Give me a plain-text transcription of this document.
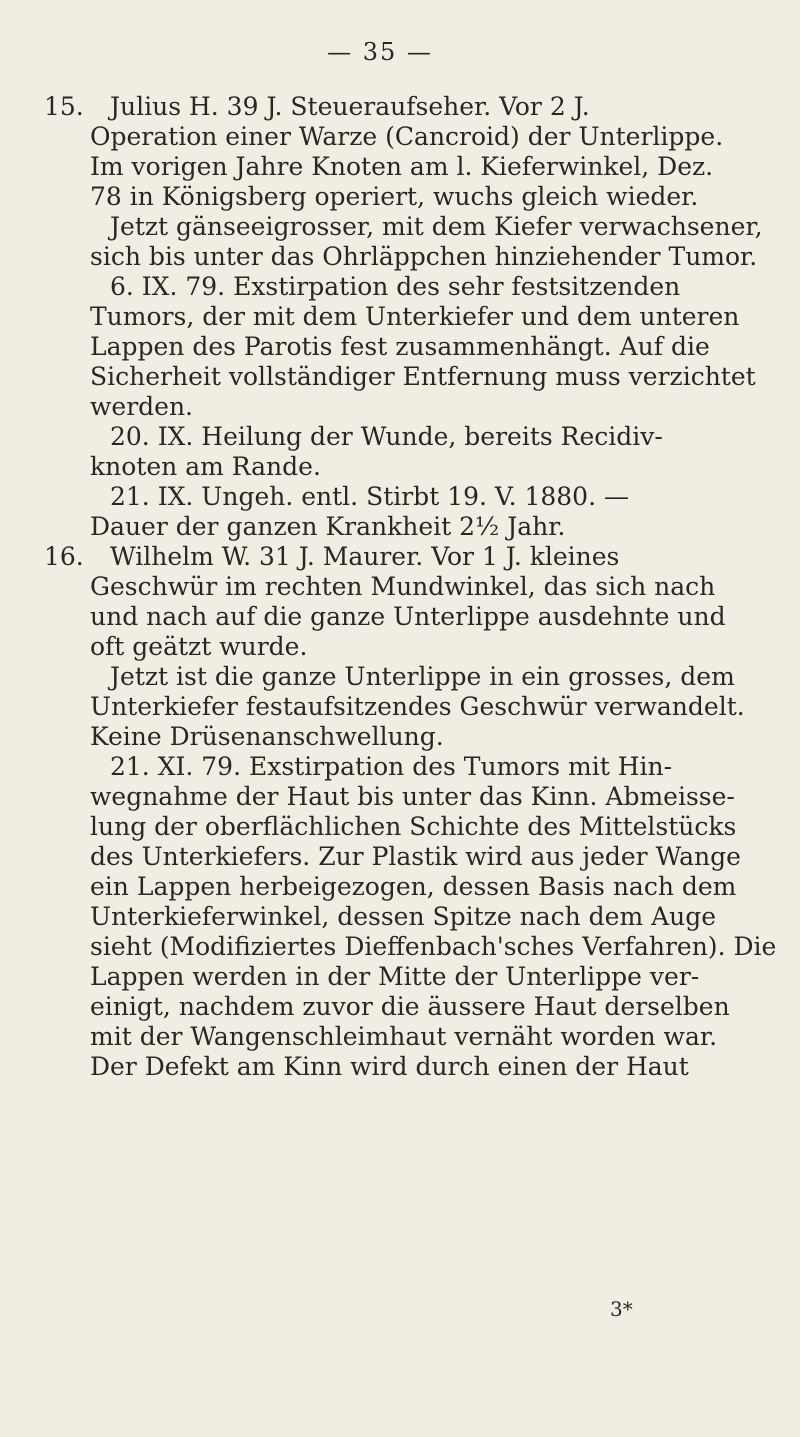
— 35 —
15. Julius H. 39 J. Steueraufseher. Vor 2 J.
Operation einer Warze (Cancroid) der Unterlippe.
Im vorigen Jahre Knoten am l. Kieferwinkel, Dez.
78 in Königsberg operiert, wuchs gleich wieder.
Jetzt gänseeigrosser, mit dem Kiefer verwachsener,
sich bis unter das Ohrläppchen hinziehender Tumor.
6. IX. 79. Exstirpation des sehr festsitzenden
Tumors, der mit dem Unterkiefer und dem unteren
Lappen des Parotis fest zusammenhängt. Auf die
Sicherheit vollständiger Entfernung muss verzichtet
werden.
20. IX. Heilung der Wunde, bereits Recidiv-
knoten am Rande.
21. IX. Ungeh. entl. Stirbt 19. V. 1880. —
Dauer der ganzen Krankheit 2½ Jahr.
16. Wilhelm W. 31 J. Maurer. Vor 1 J. kleines
Geschwür im rechten Mundwinkel, das sich nach
und nach auf die ganze Unterlippe ausdehnte und
oft geätzt wurde.
Jetzt ist die ganze Unterlippe in ein grosses, dem
Unterkiefer festaufsitzendes Geschwür verwandelt.
Keine Drüsenanschwellung.
21. XI. 79. Exstirpation des Tumors mit Hin-
wegnahme der Haut bis unter das Kinn. Abmeisse-
lung der oberflächlichen Schichte des Mittelstücks
des Unterkiefers. Zur Plastik wird aus jeder Wange
ein Lappen herbeigezogen, dessen Basis nach dem
Unterkieferwinkel, dessen Spitze nach dem Auge
sieht (Modifiziertes Dieffenbach'sches Verfahren). Die
Lappen werden in der Mitte der Unterlippe ver-
einigt, nachdem zuvor die äussere Haut derselben
mit der Wangenschleimhaut vernäht worden war.
Der Defekt am Kinn wird durch einen der Haut
3*
